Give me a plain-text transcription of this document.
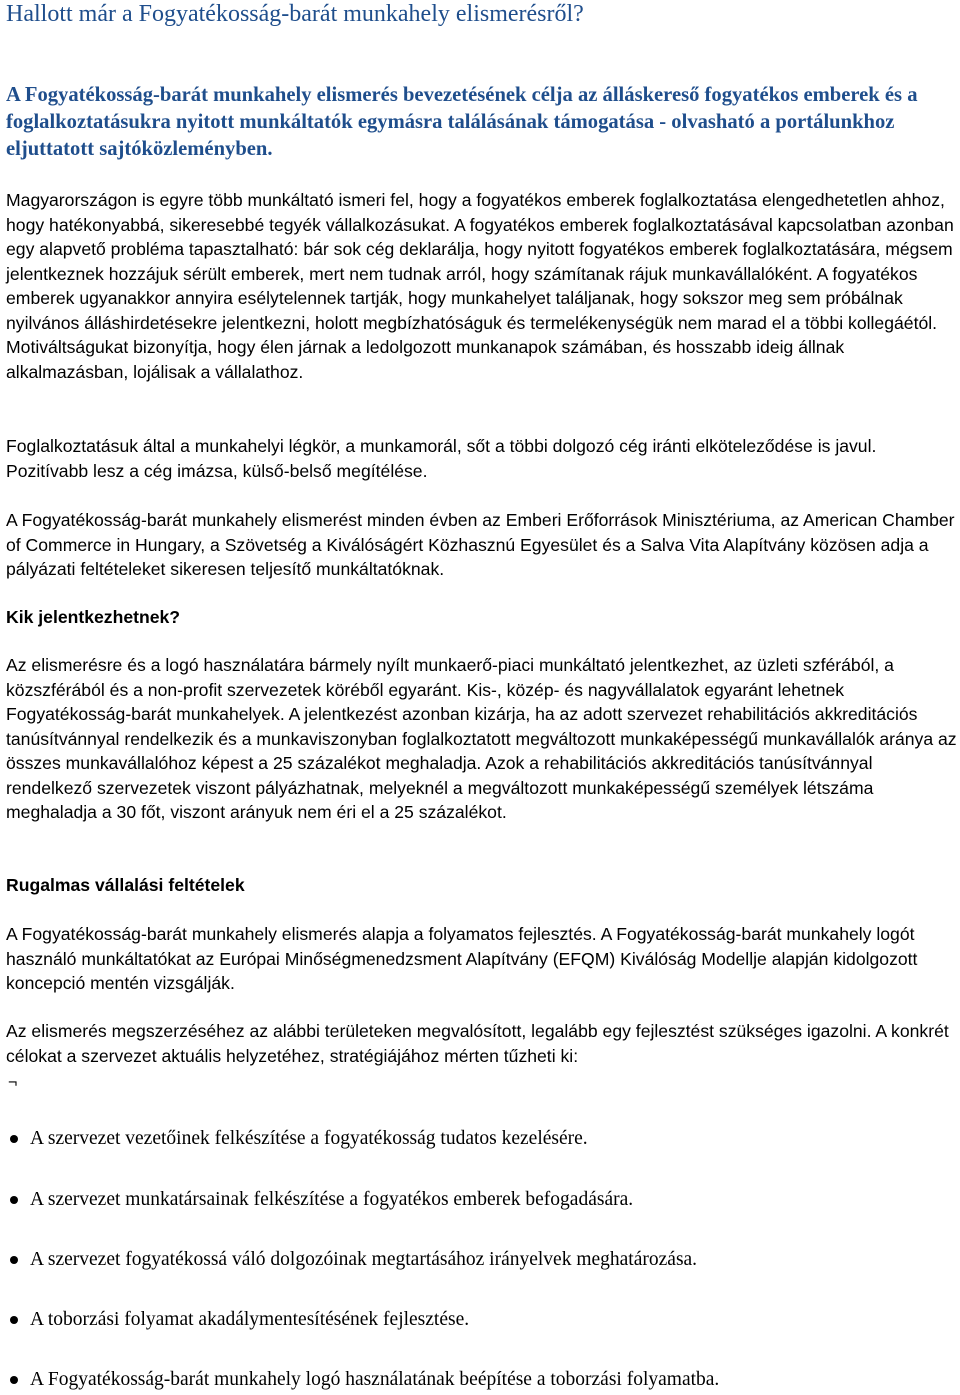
Hallott már a Fogyatékosság-barát munkahely elismerésről?
A Fogyatékosság-barát munkahely elismerés bevezetésének célja az álláskereső fogyatékos emberek és a foglalkoztatásukra nyitott munkáltatók egymásra találásának támogatása - olvasható a portálunkhoz eljuttatott sajtóközleményben.
Magyarországon is egyre több munkáltató ismeri fel, hogy a fogyatékos emberek foglalkoztatása elengedhetetlen ahhoz, hogy hatékonyabbá, sikeresebbé tegyék vállalkozásukat. A fogyatékos emberek foglalkoztatásával kapcsolatban azonban egy alapvető probléma tapasztalható: bár sok cég deklarálja, hogy nyitott fogyatékos emberek foglalkoztatására, mégsem jelentkeznek hozzájuk sérült emberek, mert nem tudnak arról, hogy számítanak rájuk munkavállalóként. A fogyatékos emberek ugyanakkor annyira esélytelennek tartják, hogy munkahelyet találjanak, hogy sokszor meg sem próbálnak nyilvános álláshirdetésekre jelentkezni, holott megbízhatóságuk és termelékenységük nem marad el a többi kollegáétól. Motiváltságukat bizonyítja, hogy élen járnak a ledolgozott munkanapok számában, és hosszabb ideig állnak alkalmazásban, lojálisak a vállalathoz.
Foglalkoztatásuk által a munkahelyi légkör, a munkamorál, sőt a többi dolgozó cég iránti elköteleződése is javul. Pozitívabb lesz a cég imázsa, külső-belső megítélése.
A Fogyatékosság-barát munkahely elismerést minden évben az Emberi Erőforrások Minisztériuma, az American Chamber of Commerce in Hungary, a Szövetség a Kiválóságért Közhasznú Egyesület és a Salva Vita Alapítvány közösen adja a pályázati feltételeket sikeresen teljesítő munkáltatóknak.
Kik jelentkezhetnek?
Az elismerésre és a logó használatára bármely nyílt munkaerő-piaci munkáltató jelentkezhet, az üzleti szférából, a közszférából és a non-profit szervezetek köréből egyaránt. Kis-, közép- és nagyvállalatok egyaránt lehetnek Fogyatékosság-barát munkahelyek. A jelentkezést azonban kizárja, ha az adott szervezet rehabilitációs akkreditációs tanúsítvánnyal rendelkezik és a munkaviszonyban foglalkoztatott megváltozott munkaképességű munkavállalók aránya az összes munkavállalóhoz képest a 25 százalékot meghaladja. Azok a rehabilitációs akkreditációs tanúsítvánnyal rendelkező szervezetek viszont pályázhatnak, melyeknél a megváltozott munkaképességű személyek létszáma meghaladja a 30 főt, viszont arányuk nem éri el a 25 százalékot.
Rugalmas vállalási feltételek
A Fogyatékosság-barát munkahely elismerés alapja a folyamatos fejlesztés. A Fogyatékosság-barát munkahely logót használó munkáltatókat az Európai Minőségmenedzsment Alapítvány (EFQM) Kiválóság Modellje alapján kidolgozott koncepció mentén vizsgálják.
Az elismerés megszerzéséhez az alábbi területeken megvalósított, legalább egy fejlesztést szükséges igazolni. A konkrét célokat a szervezet aktuális helyzetéhez, stratégiájához mérten tűzheti ki:
¬
A szervezet vezetőinek felkészítése a fogyatékosság tudatos kezelésére.
A szervezet munkatársainak felkészítése a fogyatékos emberek befogadására.
A szervezet fogyatékossá váló dolgozóinak megtartásához irányelvek meghatározása.
A toborzási folyamat akadálymentesítésének fejlesztése.
A Fogyatékosság-barát munkahely logó használatának beépítése a toborzási folyamatba.
